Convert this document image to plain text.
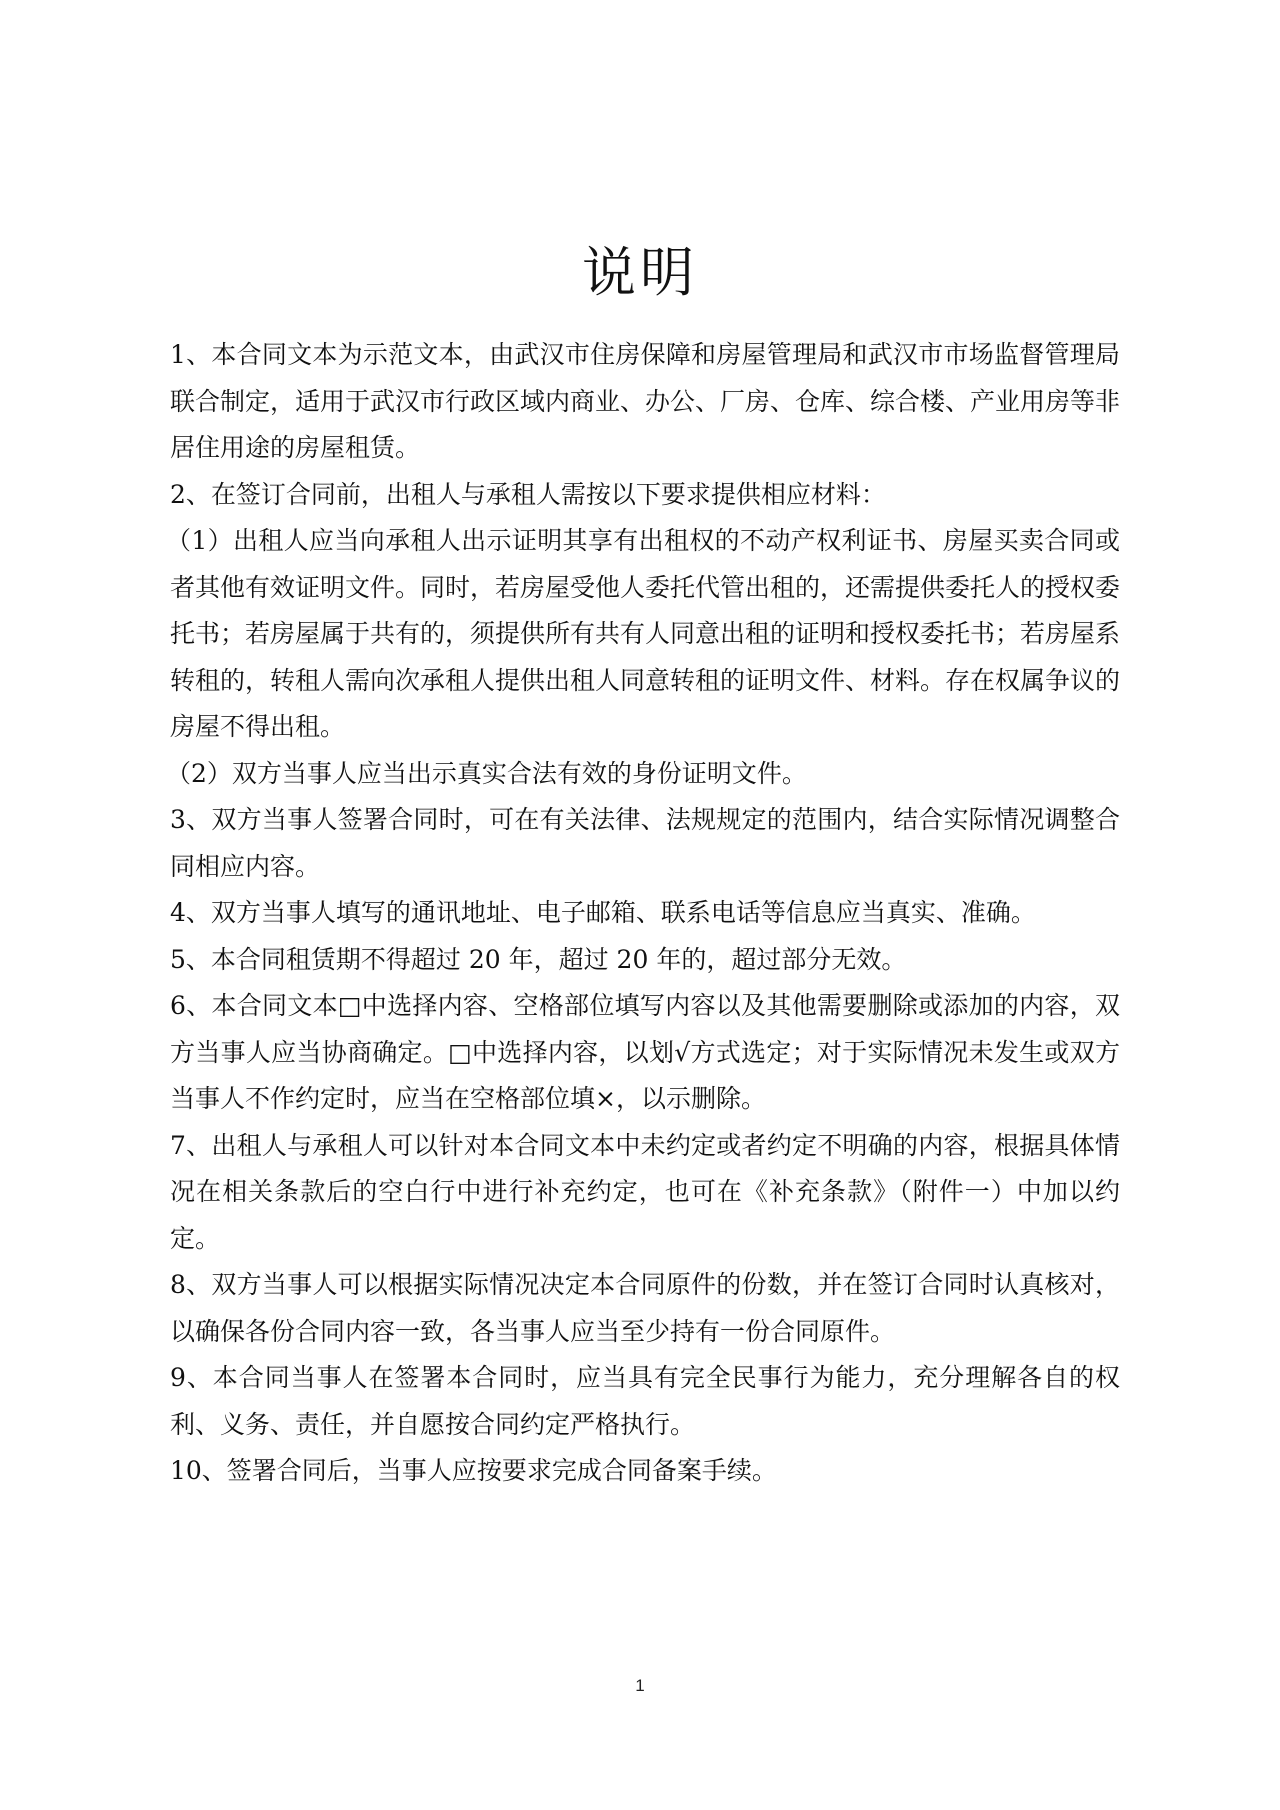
说明

1、本合同文本为示范文本，由武汉市住房保障和房屋管理局和武汉市市场监督管理局联合制定，适用于武汉市行政区域内商业、办公、厂房、仓库、综合楼、产业用房等非居住用途的房屋租赁。

2、在签订合同前，出租人与承租人需按以下要求提供相应材料：

（1）出租人应当向承租人出示证明其享有出租权的不动产权利证书、房屋买卖合同或者其他有效证明文件。同时，若房屋受他人委托代管出租的，还需提供委托人的授权委托书；若房屋属于共有的，须提供所有共有人同意出租的证明和授权委托书；若房屋系转租的，转租人需向次承租人提供出租人同意转租的证明文件、材料。存在权属争议的房屋不得出租。

（2）双方当事人应当出示真实合法有效的身份证明文件。

3、双方当事人签署合同时，可在有关法律、法规规定的范围内，结合实际情况调整合同相应内容。

4、双方当事人填写的通讯地址、电子邮箱、联系电话等信息应当真实、准确。

5、本合同租赁期不得超过 20 年，超过 20 年的，超过部分无效。

6、本合同文本□中选择内容、空格部位填写内容以及其他需要删除或添加的内容，双方当事人应当协商确定。□中选择内容，以划√方式选定；对于实际情况未发生或双方当事人不作约定时，应当在空格部位填×，以示删除。

7、出租人与承租人可以针对本合同文本中未约定或者约定不明确的内容，根据具体情况在相关条款后的空白行中进行补充约定，也可在《补充条款》（附件一）中加以约定。

8、双方当事人可以根据实际情况决定本合同原件的份数，并在签订合同时认真核对，以确保各份合同内容一致，各当事人应当至少持有一份合同原件。

9、本合同当事人在签署本合同时，应当具有完全民事行为能力，充分理解各自的权利、义务、责任，并自愿按合同约定严格执行。

10、签署合同后，当事人应按要求完成合同备案手续。

1
